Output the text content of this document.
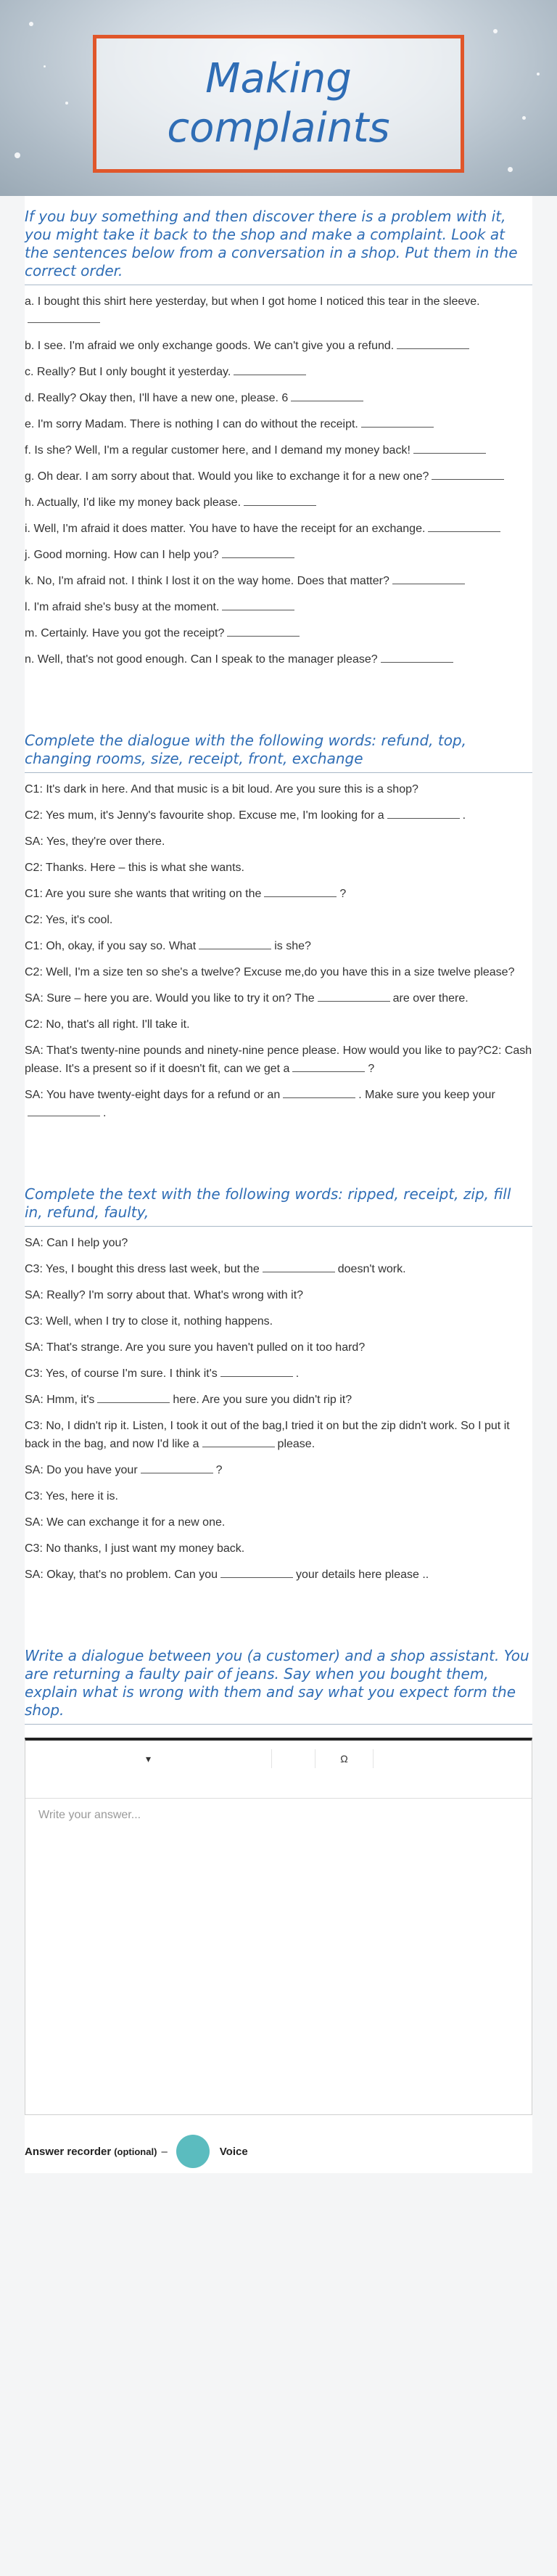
Making
complaints
If you buy something and then discover there is a problem with it, you might take it back to the shop and make a complaint. Look at the sentences below from a conversation in a shop. Put them in the correct order.
a. I bought this shirt here yesterday, but when I got home I noticed this tear in the sleeve.
b. I see. I'm afraid we only exchange goods. We can't give you a refund.
c. Really? But I only bought it yesterday.
d. Really? Okay then, I'll have a new one, please. 6
e. I'm sorry Madam. There is nothing I can do without the receipt.
f. Is she? Well, I'm a regular customer here, and I demand my money back!
g. Oh dear. I am sorry about that. Would you like to exchange it for a new one?
h. Actually, I'd like my money back please.
i. Well, I'm afraid it does matter. You have to have the receipt for an exchange.
j. Good morning. How can I help you?
k. No, I'm afraid not. I think I lost it on the way home. Does that matter?
l. I'm afraid she's busy at the moment.
m. Certainly. Have you got the receipt?
n. Well, that's not good enough. Can I speak to the manager please?
Complete the dialogue with the following words: refund, top, changing rooms, size, receipt, front, exchange
C1: It's dark in here. And that music is a bit loud. Are you sure this is a shop?
C2: Yes mum, it's Jenny's favourite shop. Excuse me, I'm looking for a	.
SA: Yes, they're over there.
C2: Thanks. Here – this is what she wants.
C1: Are you sure she wants that writing on the	?
C2: Yes, it's cool.
C1: Oh, okay, if you say so. What	is she?
C2: Well, I'm a size ten so she's a twelve? Excuse me,do you have this in a size twelve please?
SA: Sure – here you are. Would you like to try it on? The	are over there.
C2: No, that's all right. I'll take it.
SA: That's twenty-nine pounds and ninety-nine pence please. How would you like to pay?C2: Cash please. It's a present so if it doesn't fit, can we get a	?
SA: You have twenty-eight days for a refund or an	. Make sure you keep your.
Complete the text with the following words: ripped, receipt, zip, fill in, refund, faulty,
SA: Can I help you?
C3: Yes, I bought this dress last week, but the	doesn't work.
SA: Really? I'm sorry about that. What's wrong with it?
C3: Well, when I try to close it, nothing happens.
SA: That's strange. Are you sure you haven't pulled on it too hard?
C3: Yes, of course I'm sure. I think it's	.
SA: Hmm, it's	here. Are you sure you didn't rip it?
C3: No, I didn't rip it. Listen, I took it out of the bag,I tried it on but the zip didn't work. So I put it back in the bag, and now I'd like a	please.
SA: Do you have your	?
C3: Yes, here it is.
SA: We can exchange it for a new one.
C3: No thanks, I just want my money back.
SA: Okay, that's no problem. Can you	your details here please ..
Write a dialogue between you (a customer) and a shop assistant. You are returning a faulty pair of jeans. Say when you bought them, explain what is wrong with them and say what you expect form the shop.
▾	Ω
Write your answer...
Answer recorder (optional) –	Voice
